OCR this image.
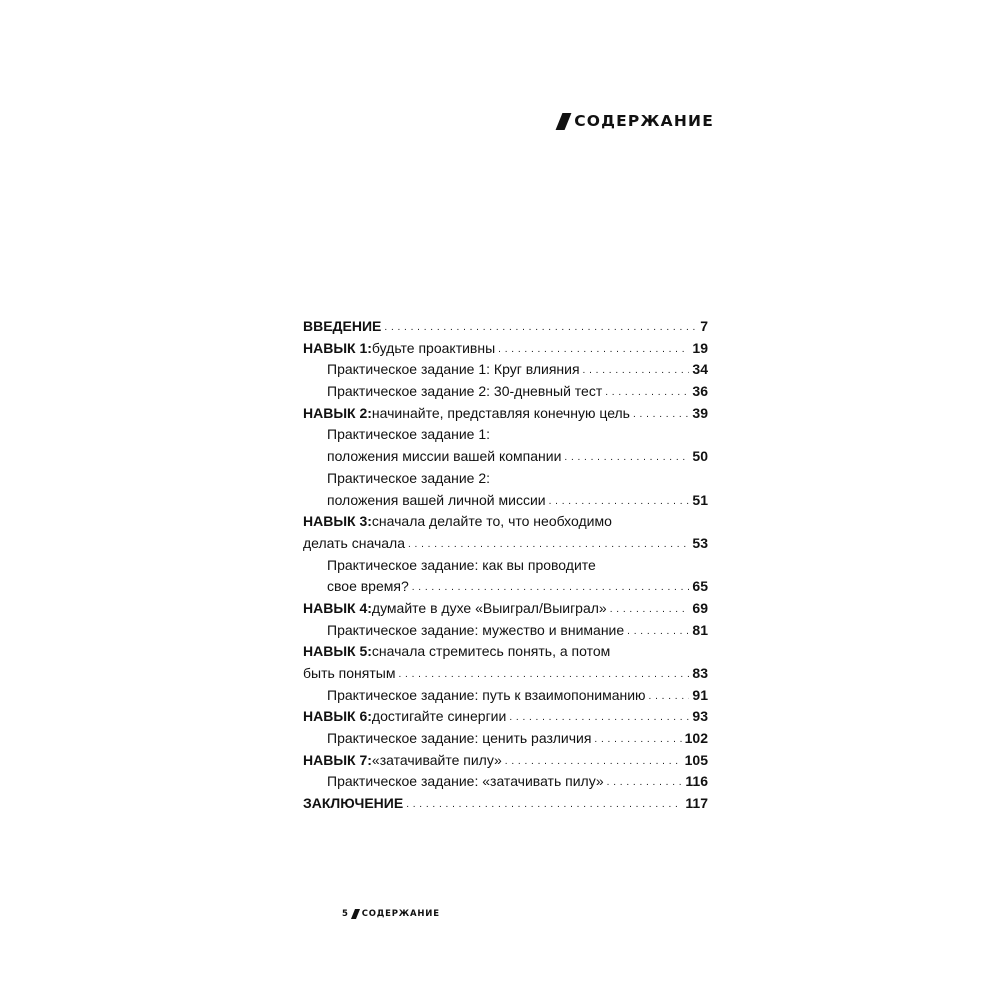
СОДЕРЖАНИЕ
ВВЕДЕНИЕ . . .	7
НАВЫК 1: будьте проактивны . . .	19
Практическое задание 1: Круг влияния . . .	34
Практическое задание 2: 30-дневный тест . . .	36
НАВЫК 2: начинайте, представляя конечную цель . . .	39
Практическое задание 1:
положения миссии вашей компании . . .	50
Практическое задание 2:
положения вашей личной миссии . . .	51
НАВЫК 3: сначала делайте то, что необходимо
делать сначала . . .	53
Практическое задание: как вы проводите
свое время? . . .	65
НАВЫК 4: думайте в духе «Выиграл/Выиграл» . . .	69
Практическое задание: мужество и внимание . . .	81
НАВЫК 5: сначала стремитесь понять, а потом
быть понятым . . .	83
Практическое задание: путь к взаимопониманию . . .	91
НАВЫК 6: достигайте синергии . . .	93
Практическое задание: ценить различия . . .	102
НАВЫК 7: «затачивайте пилу» . . .	105
Практическое задание: «затачивать пилу» . . .	116
ЗАКЛЮЧЕНИЕ . . .	117
5 СОДЕРЖАНИЕ
